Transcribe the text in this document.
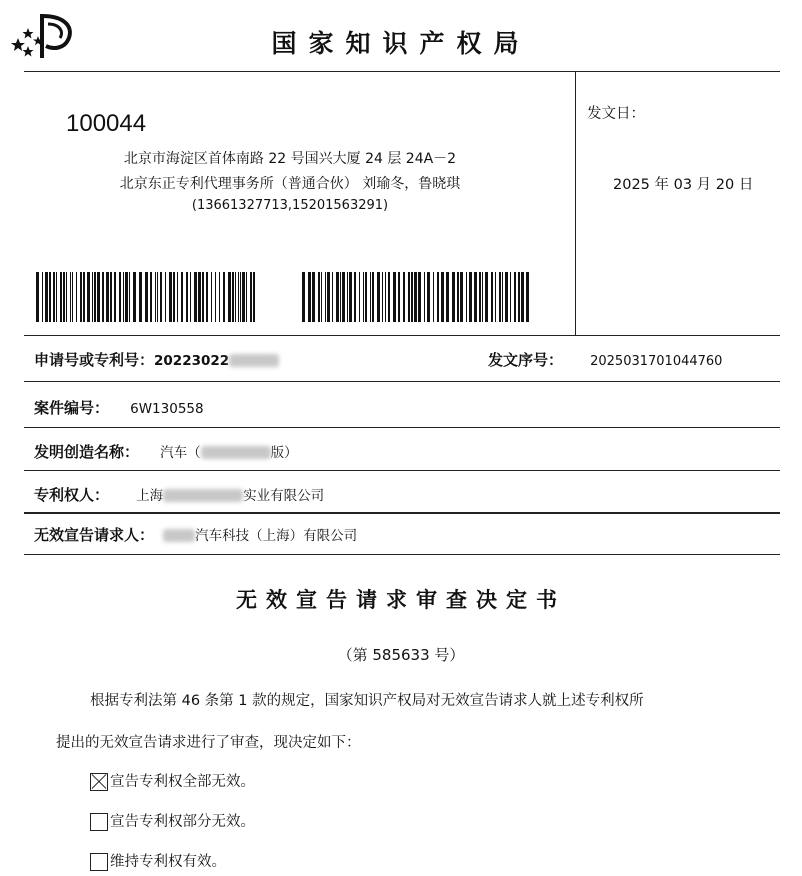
国家知识产权局
100044
北京市海淀区首体南路 22 号国兴大厦 24 层 24A－2
北京东正专利代理事务所（普通合伙） 刘瑜冬，鲁晓琪
(13661327713,15201563291)
发文日：
2025 年 03 月 20 日
申请号或专利号：20223022	发文序号： 2025031701044760
案件编号： 6W130558
发明创造名称： 汽车（	版）
专利权人： 上海	实业有限公司
无效宣告请求人：	汽车科技（上海）有限公司
无效宣告请求审查决定书
（第 585633 号）
根据专利法第 46 条第 1 款的规定，国家知识产权局对无效宣告请求人就上述专利权所
提出的无效宣告请求进行了审查，现决定如下：
宣告专利权全部无效。
宣告专利权部分无效。
维持专利权有效。
